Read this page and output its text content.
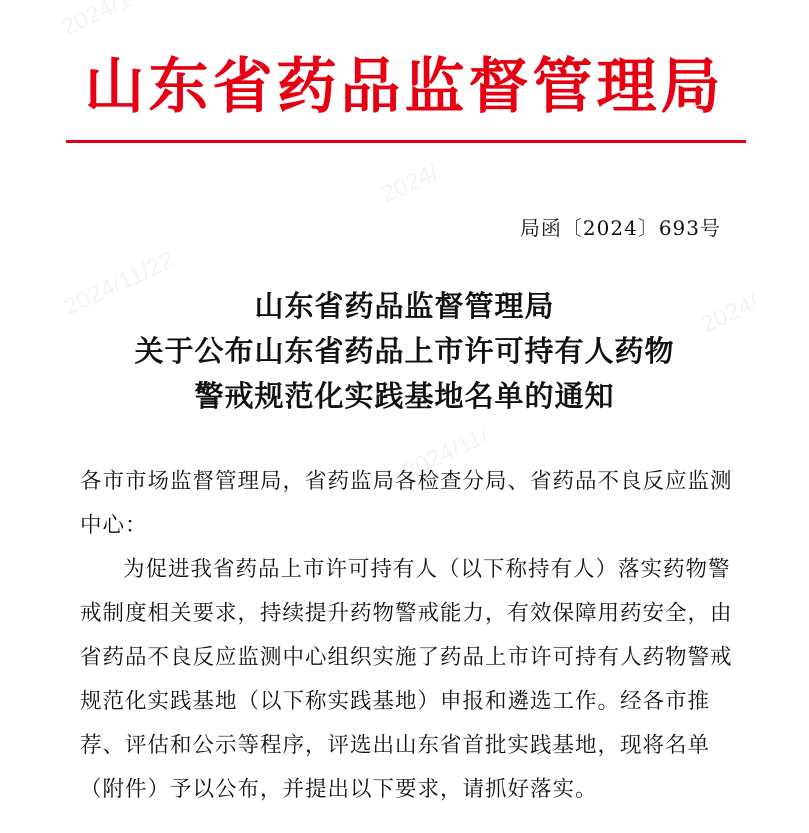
山东省药品监督管理局
局函〔2024〕693号
山东省药品监督管理局
关于公布山东省药品上市许可持有人药物
警戒规范化实践基地名单的通知

各市市场监督管理局，省药监局各检查分局、省药品不良反应监测中心：

为促进我省药品上市许可持有人（以下称持有人）落实药物警戒制度相关要求，持续提升药物警戒能力，有效保障用药安全，由省药品不良反应监测中心组织实施了药品上市许可持有人药物警戒规范化实践基地（以下称实践基地）申报和遴选工作。经各市推荐、评估和公示等程序，评选出山东省首批实践基地，现将名单（附件）予以公布，并提出以下要求，请抓好落实。
